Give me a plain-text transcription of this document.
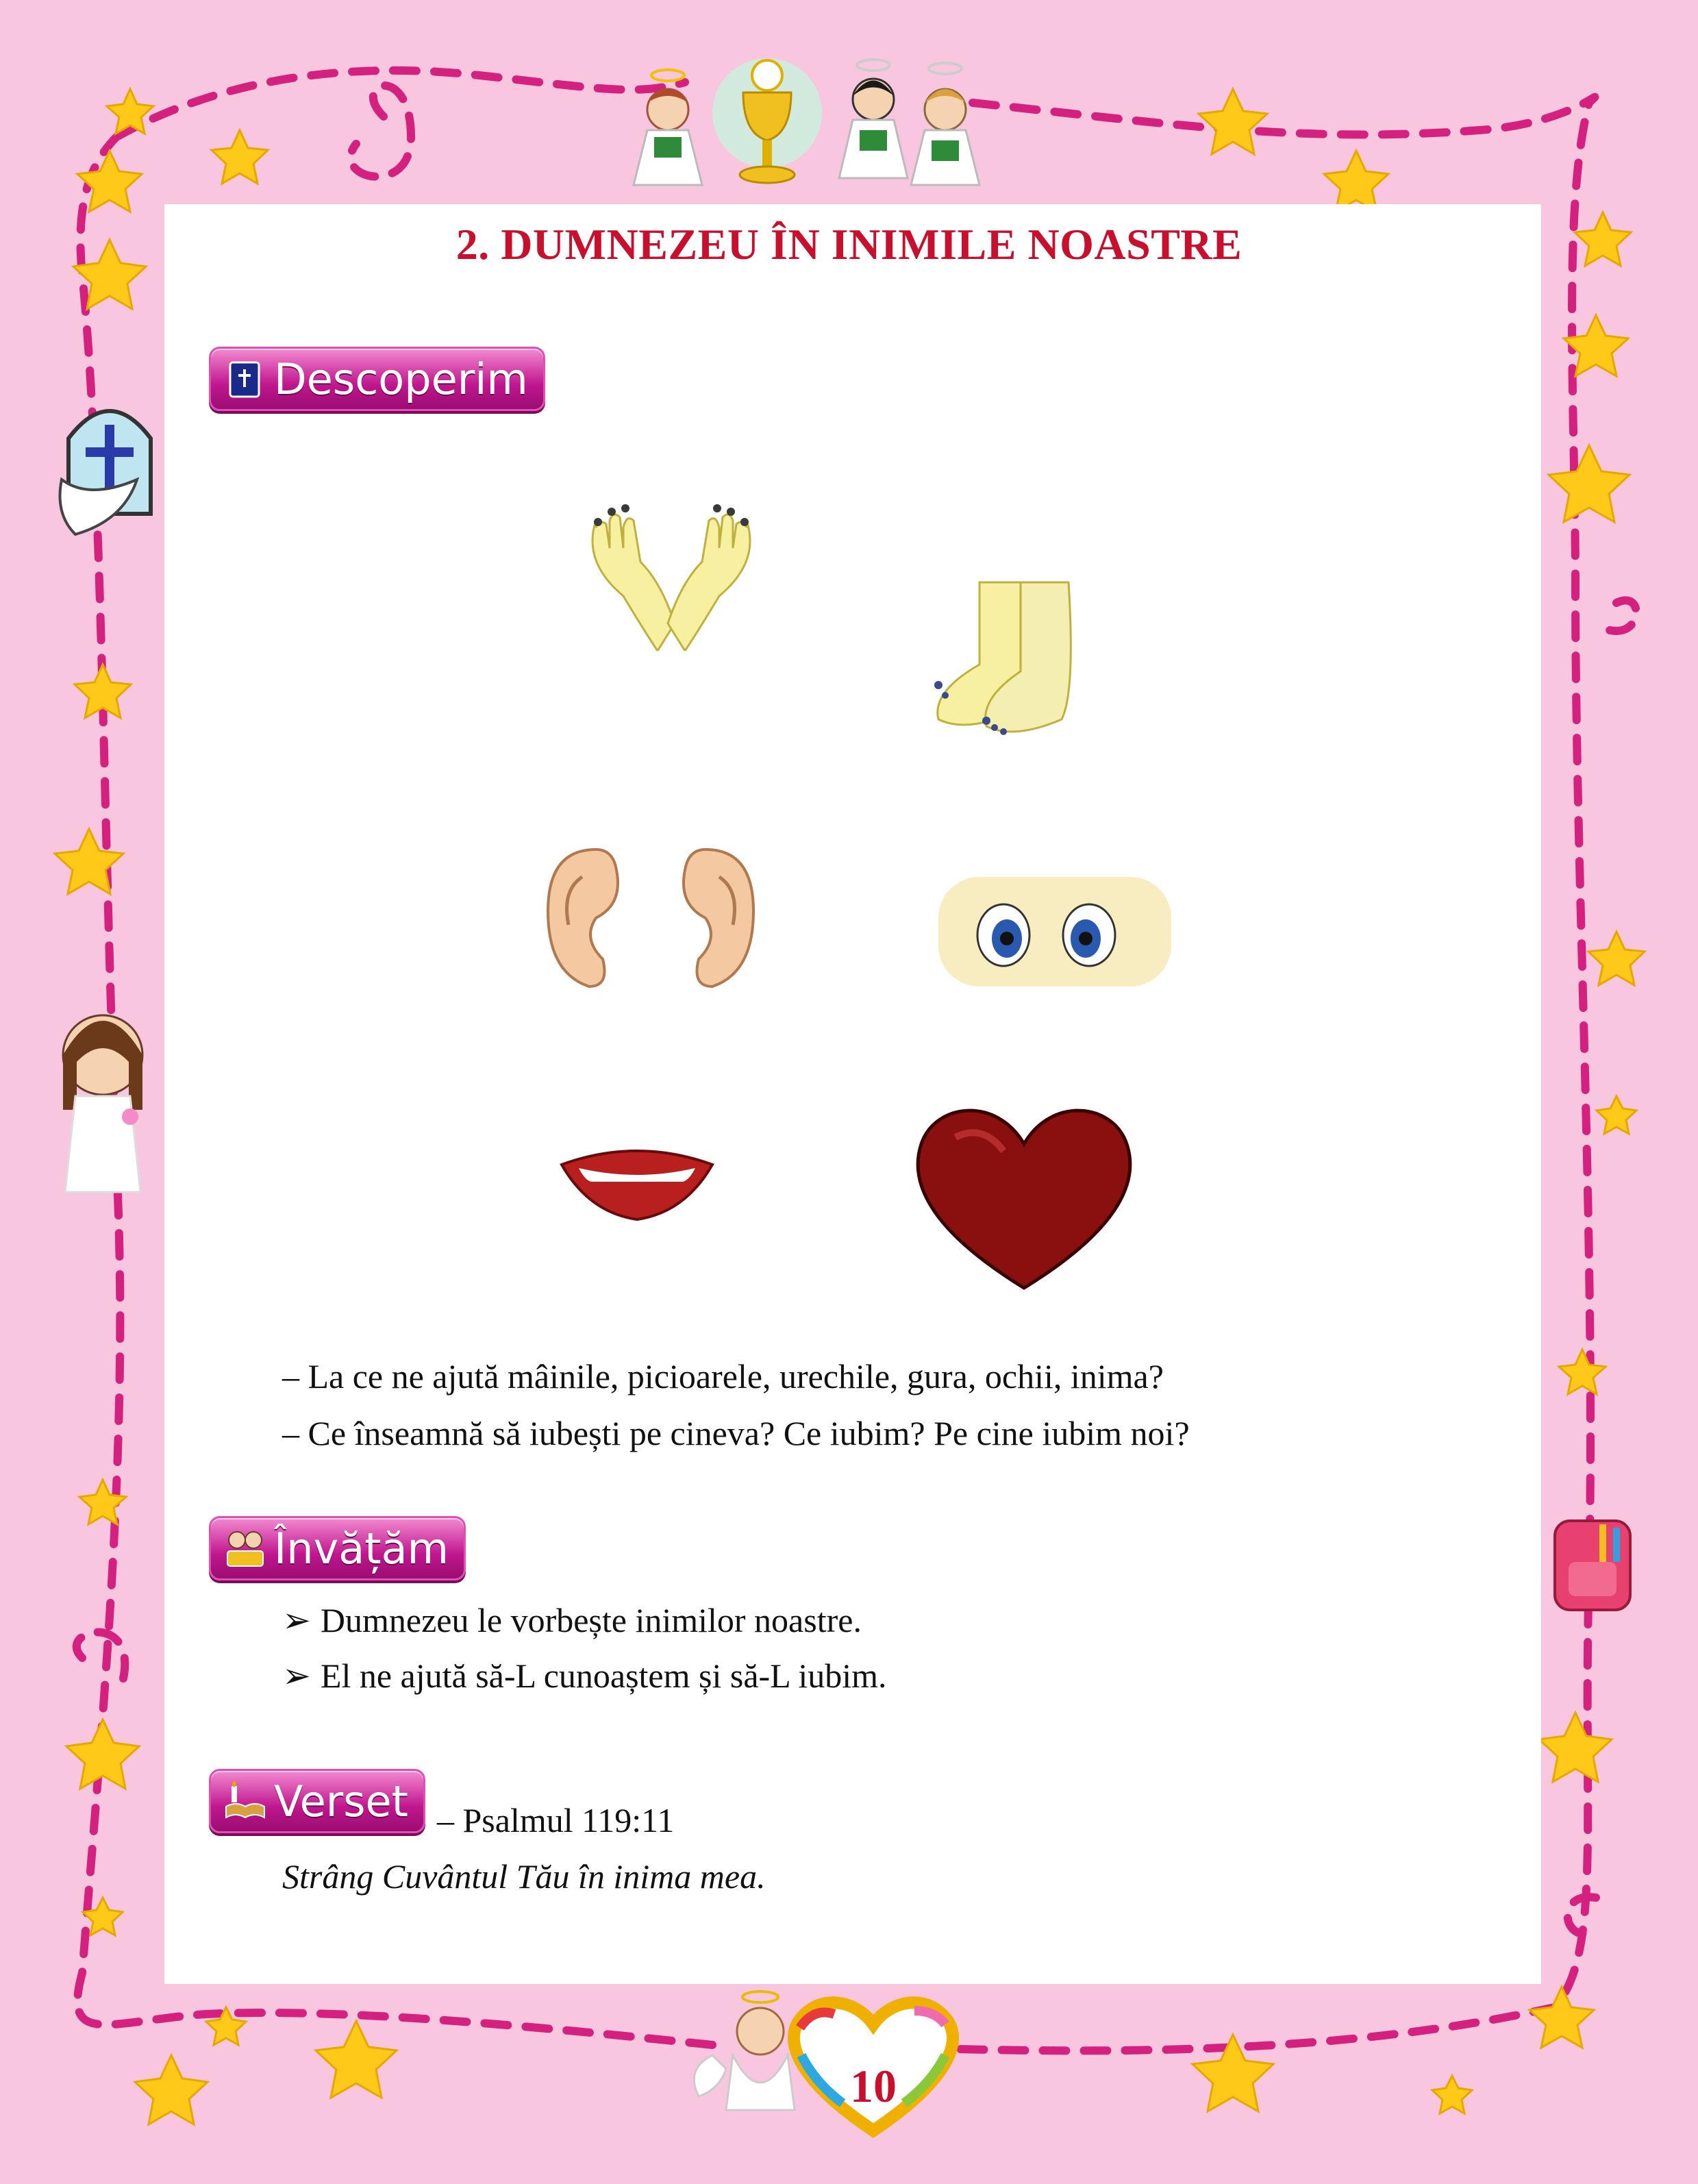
2. DUMNEZEU ÎN INIMILE NOASTRE
Descoperim
– La ce ne ajută mâinile, picioarele, urechile, gura, ochii, inima?
– Ce înseamnă să iubești pe cineva? Ce iubim? Pe cine iubim noi?
Învățăm
➢ Dumnezeu le vorbește inimilor noastre.
➢ El ne ajută să-L cunoaștem și să-L iubim.
Verset – Psalmul 119:11
Strâng Cuvântul Tău în inima mea.
10
